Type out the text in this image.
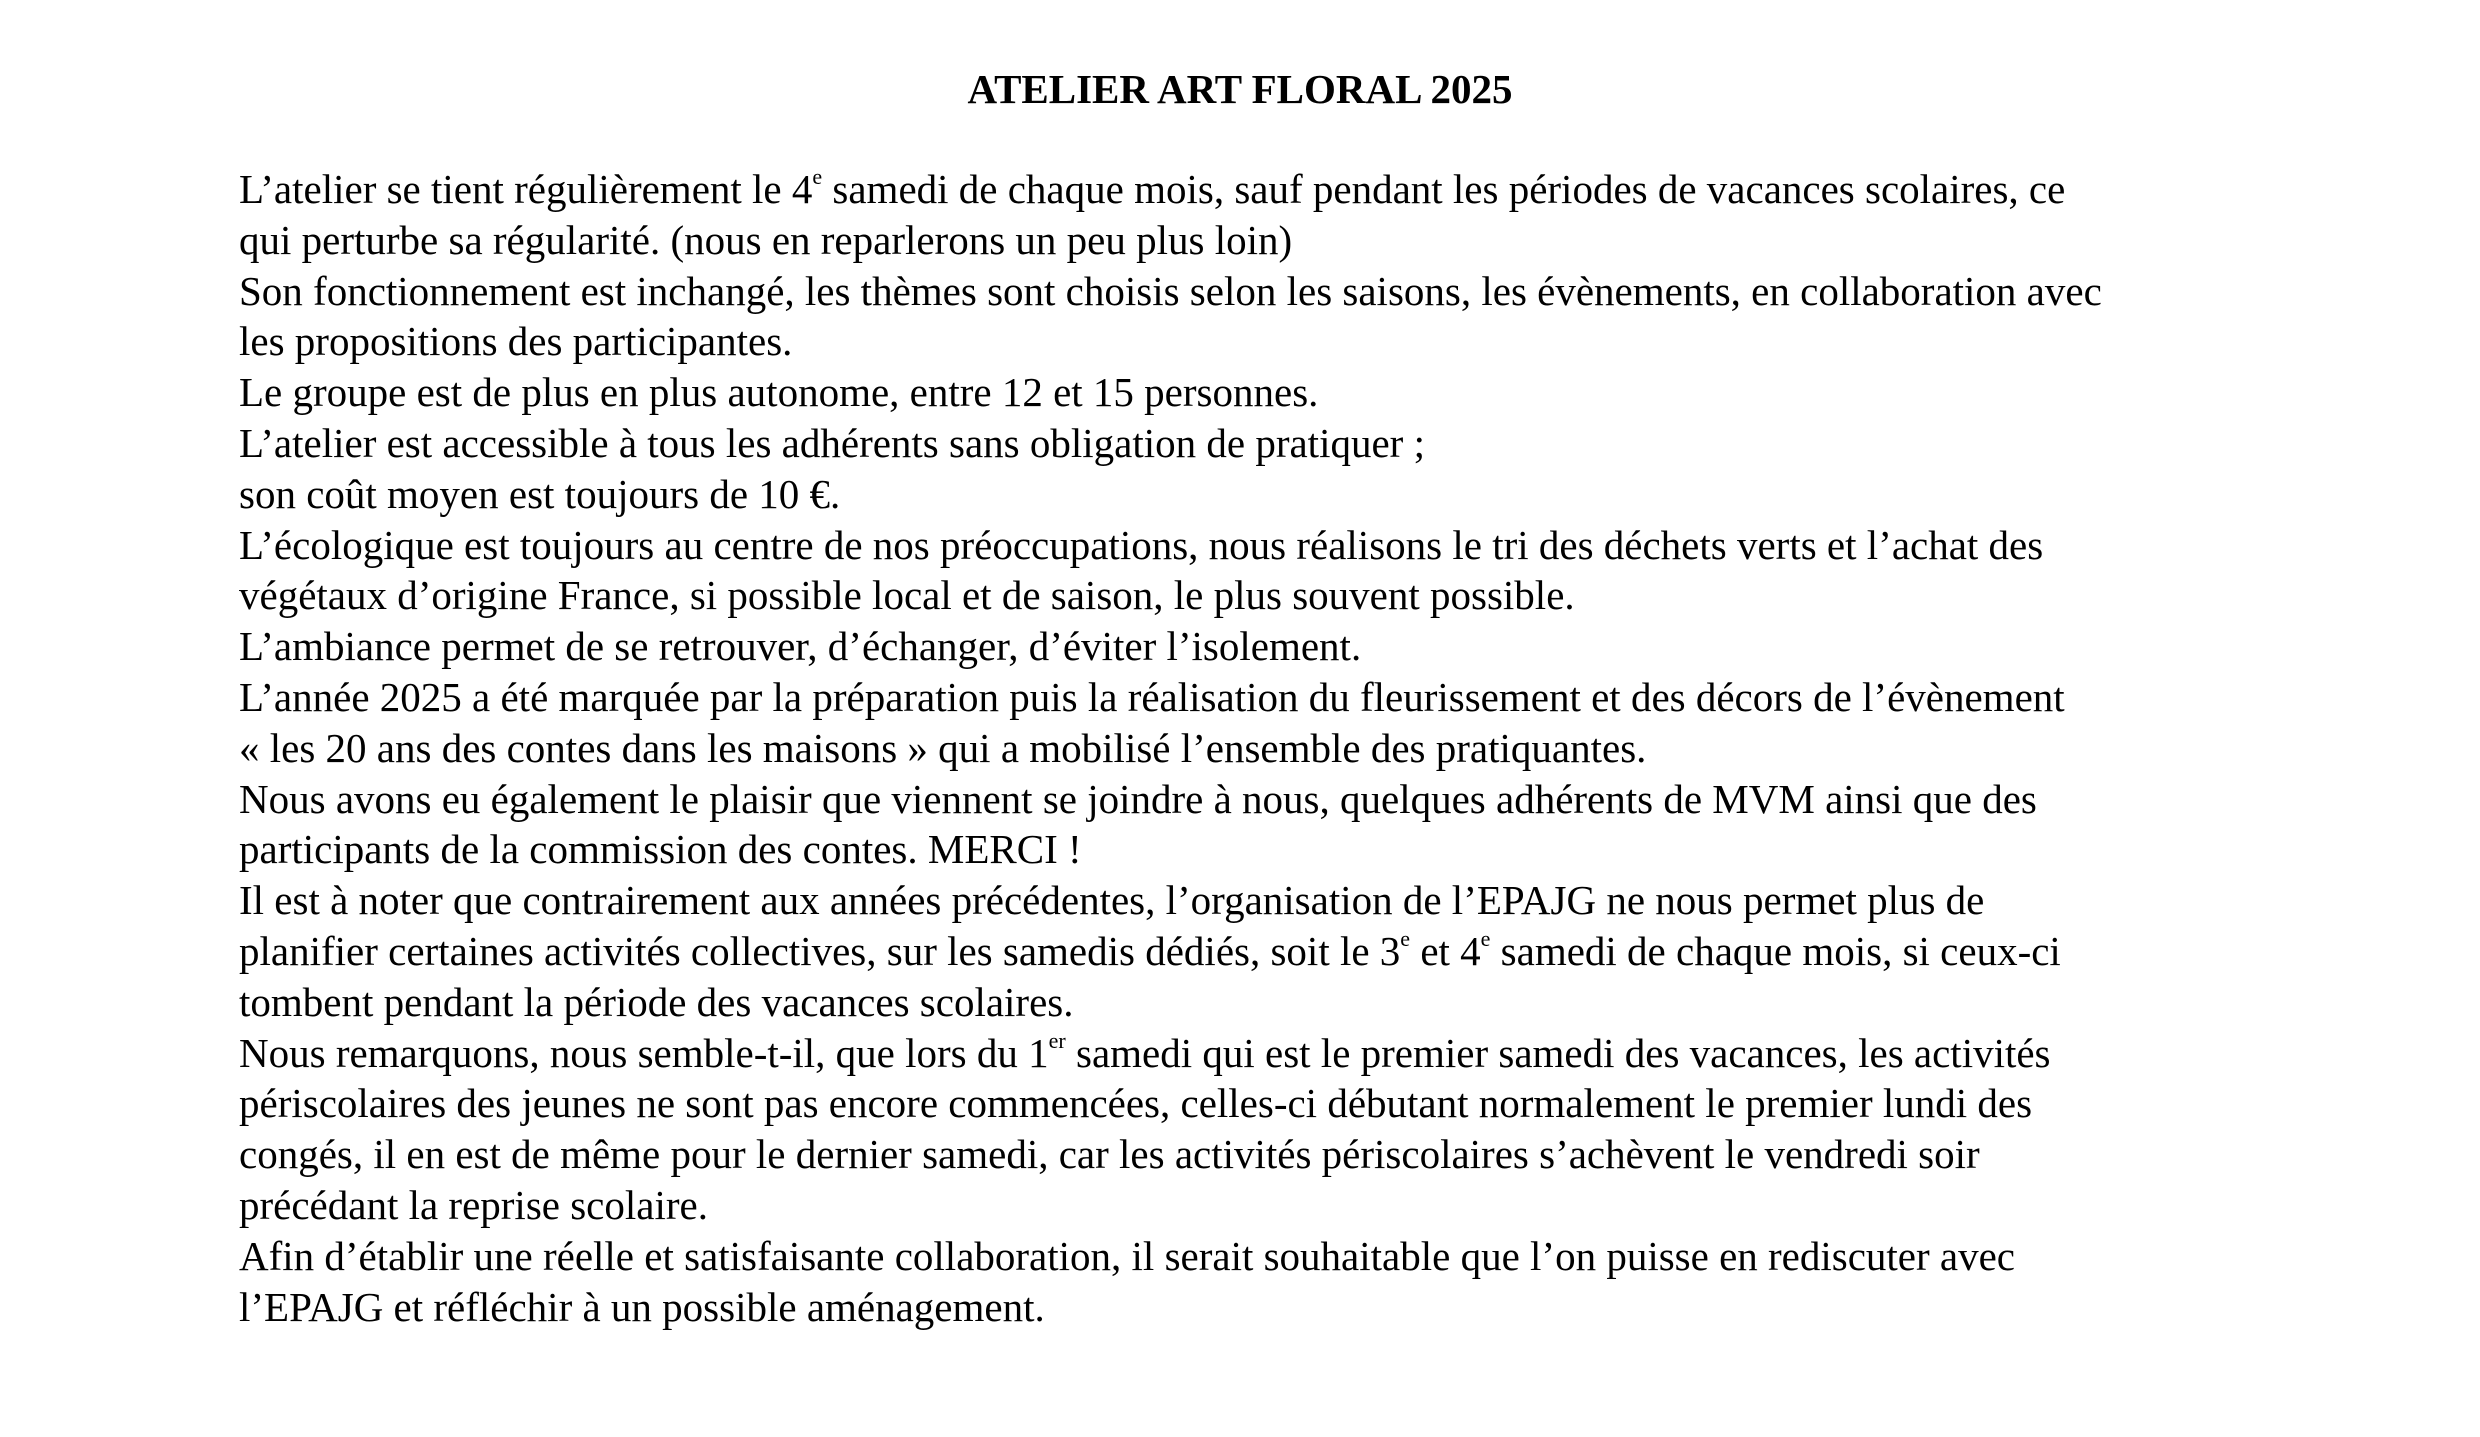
ATELIER ART FLORAL 2025
L’atelier se tient régulièrement le 4e samedi de chaque mois, sauf pendant les périodes de vacances scolaires, ce
qui perturbe sa régularité. (nous en reparlerons un peu plus loin)
Son fonctionnement est inchangé, les thèmes sont choisis selon les saisons, les évènements, en collaboration avec
les propositions des participantes.
Le groupe est de plus en plus autonome, entre 12 et 15 personnes.
L’atelier est accessible à tous les adhérents sans obligation de pratiquer ;
son coût moyen est toujours de 10 €.
L’écologique est toujours au centre de nos préoccupations, nous réalisons le tri des déchets verts et l’achat des
végétaux d’origine France, si possible local et de saison, le plus souvent possible.
L’ambiance permet de se retrouver, d’échanger, d’éviter l’isolement.
L’année 2025 a été marquée par la préparation puis la réalisation du fleurissement et des décors de l’évènement
« les 20 ans des contes dans les maisons » qui a mobilisé l’ensemble des pratiquantes.
Nous avons eu également le plaisir que viennent se joindre à nous, quelques adhérents de MVM ainsi que des
participants de la commission des contes. MERCI !
Il est à noter que contrairement aux années précédentes, l’organisation de l’EPAJG ne nous permet plus de
planifier certaines activités collectives, sur les samedis dédiés, soit le 3e et 4e samedi de chaque mois, si ceux-ci
tombent pendant la période des vacances scolaires.
Nous remarquons, nous semble-t-il, que lors du 1er samedi qui est le premier samedi des vacances, les activités
périscolaires des jeunes ne sont pas encore commencées, celles-ci débutant normalement le premier lundi des
congés, il en est de même pour le dernier samedi, car les activités périscolaires s’achèvent le vendredi soir
précédant la reprise scolaire.
Afin d’établir une réelle et satisfaisante collaboration, il serait souhaitable que l’on puisse en rediscuter avec
l’EPAJG et réfléchir à un possible aménagement.
